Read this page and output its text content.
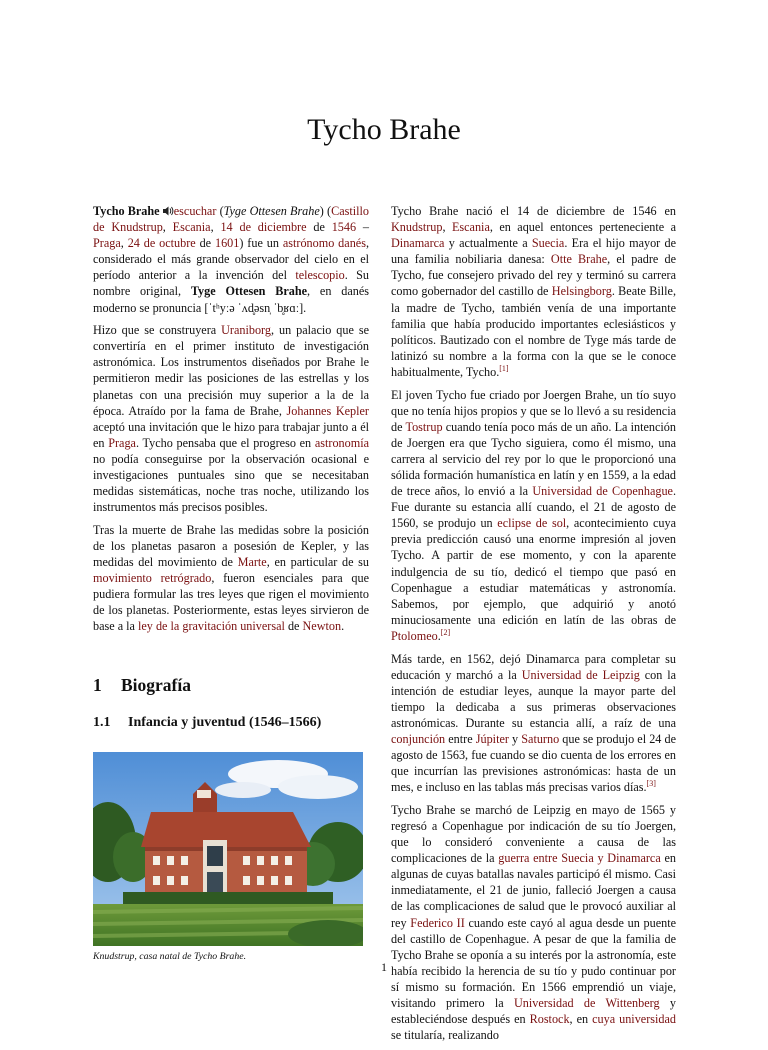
Tycho Brahe

Tycho Brahe escuchar (Tyge Ottesen Brahe) (Castillo de Knudstrup, Escania, 14 de diciembre de 1546 – Praga, 24 de octubre de 1601) fue un astrónomo danés, considerado el más grande observador del cielo en el período anterior a la invención del telescopio. Su nombre original, Tyge Ottesen Brahe, en danés moderno se pronuncia [ˈtʰyːə ˈʌd̥əsn̩ ˈb̥ʁɑː].

Hizo que se construyera Uraniborg, un palacio que se convertiría en el primer instituto de investigación astronómica. Los instrumentos diseñados por Brahe le permitieron medir las posiciones de las estrellas y los planetas con una precisión muy superior a la de la época. Atraído por la fama de Brahe, Johannes Kepler aceptó una invitación que le hizo para trabajar junto a él en Praga. Tycho pensaba que el progreso en astronomía no podía conseguirse por la observación ocasional e investigaciones puntuales sino que se necesitaban medidas sistemáticas, noche tras noche, utilizando los instrumentos más precisos posibles.

Tras la muerte de Brahe las medidas sobre la posición de los planetas pasaron a posesión de Kepler, y las medidas del movimiento de Marte, en particular de su movimiento retrógrado, fueron esenciales para que pudiera formular las tres leyes que rigen el movimiento de los planetas. Posteriormente, estas leyes sirvieron de base a la ley de la gravitación universal de Newton.

1 Biografía
1.1 Infancia y juventud (1546–1566)
Knudstrup, casa natal de Tycho Brahe.

Tycho Brahe nació el 14 de diciembre de 1546 en Knudstrup, Escania, en aquel entonces perteneciente a Dinamarca y actualmente a Suecia. Era el hijo mayor de una familia nobiliaria danesa: Otte Brahe, el padre de Tycho, fue consejero privado del rey y terminó su carrera como gobernador del castillo de Helsingborg. Beate Bille, la madre de Tycho, también venía de una importante familia que había producido importantes eclesiásticos y políticos. Bautizado con el nombre de Tyge más tarde de latinizó su nombre a la forma con la que se le conoce habitualmente, Tycho.[1]

El joven Tycho fue criado por Joergen Brahe, un tío suyo que no tenía hijos propios y que se lo llevó a su residencia de Tostrup cuando tenía poco más de un año. La intención de Joergen era que Tycho siguiera, como él mismo, una carrera al servicio del rey por lo que le proporcionó una sólida formación humanística en latín y en 1559, a la edad de trece años, lo envió a la Universidad de Copenhague. Fue durante su estancia allí cuando, el 21 de agosto de 1560, se produjo un eclipse de sol, acontecimiento cuya previa predicción causó una enorme impresión al joven Tycho. A partir de ese momento, y con la aparente indulgencia de su tío, dedicó el tiempo que pasó en Copenhague a estudiar matemáticas y astronomía. Sabemos, por ejemplo, que adquirió y anotó minuciosamente una edición en latín de las obras de Ptolomeo.[2]

Más tarde, en 1562, dejó Dinamarca para completar su educación y marchó a la Universidad de Leipzig con la intención de estudiar leyes, aunque la mayor parte del tiempo la dedicaba a sus primeras observaciones astronómicas. Durante su estancia allí, a raíz de una conjunción entre Júpiter y Saturno que se produjo el 24 de agosto de 1563, fue cuando se dio cuenta de los errores en que incurrían las previsiones astronómicas: hasta de un mes, e incluso en las tablas más precisas varios días.[3]

Tycho Brahe se marchó de Leipzig en mayo de 1565 y regresó a Copenhague por indicación de su tío Joergen, que lo consideró conveniente a causa de las complicaciones de la guerra entre Suecia y Dinamarca en algunas de cuyas batallas navales participó él mismo. Casi inmediatamente, el 21 de junio, falleció Joergen a causa de las complicaciones de salud que le provocó auxiliar al rey Federico II cuando este cayó al agua desde un puente del castillo de Copenhague. A pesar de que la familia de Tycho Brahe se oponía a su interés por la astronomía, este había recibido la herencia de su tío y pudo continuar por sí mismo su formación. En 1566 emprendió un viaje, visitando primero la Universidad de Wittenberg y estableciéndose después en Rostock, en cuya universidad se titularía, realizando

1
